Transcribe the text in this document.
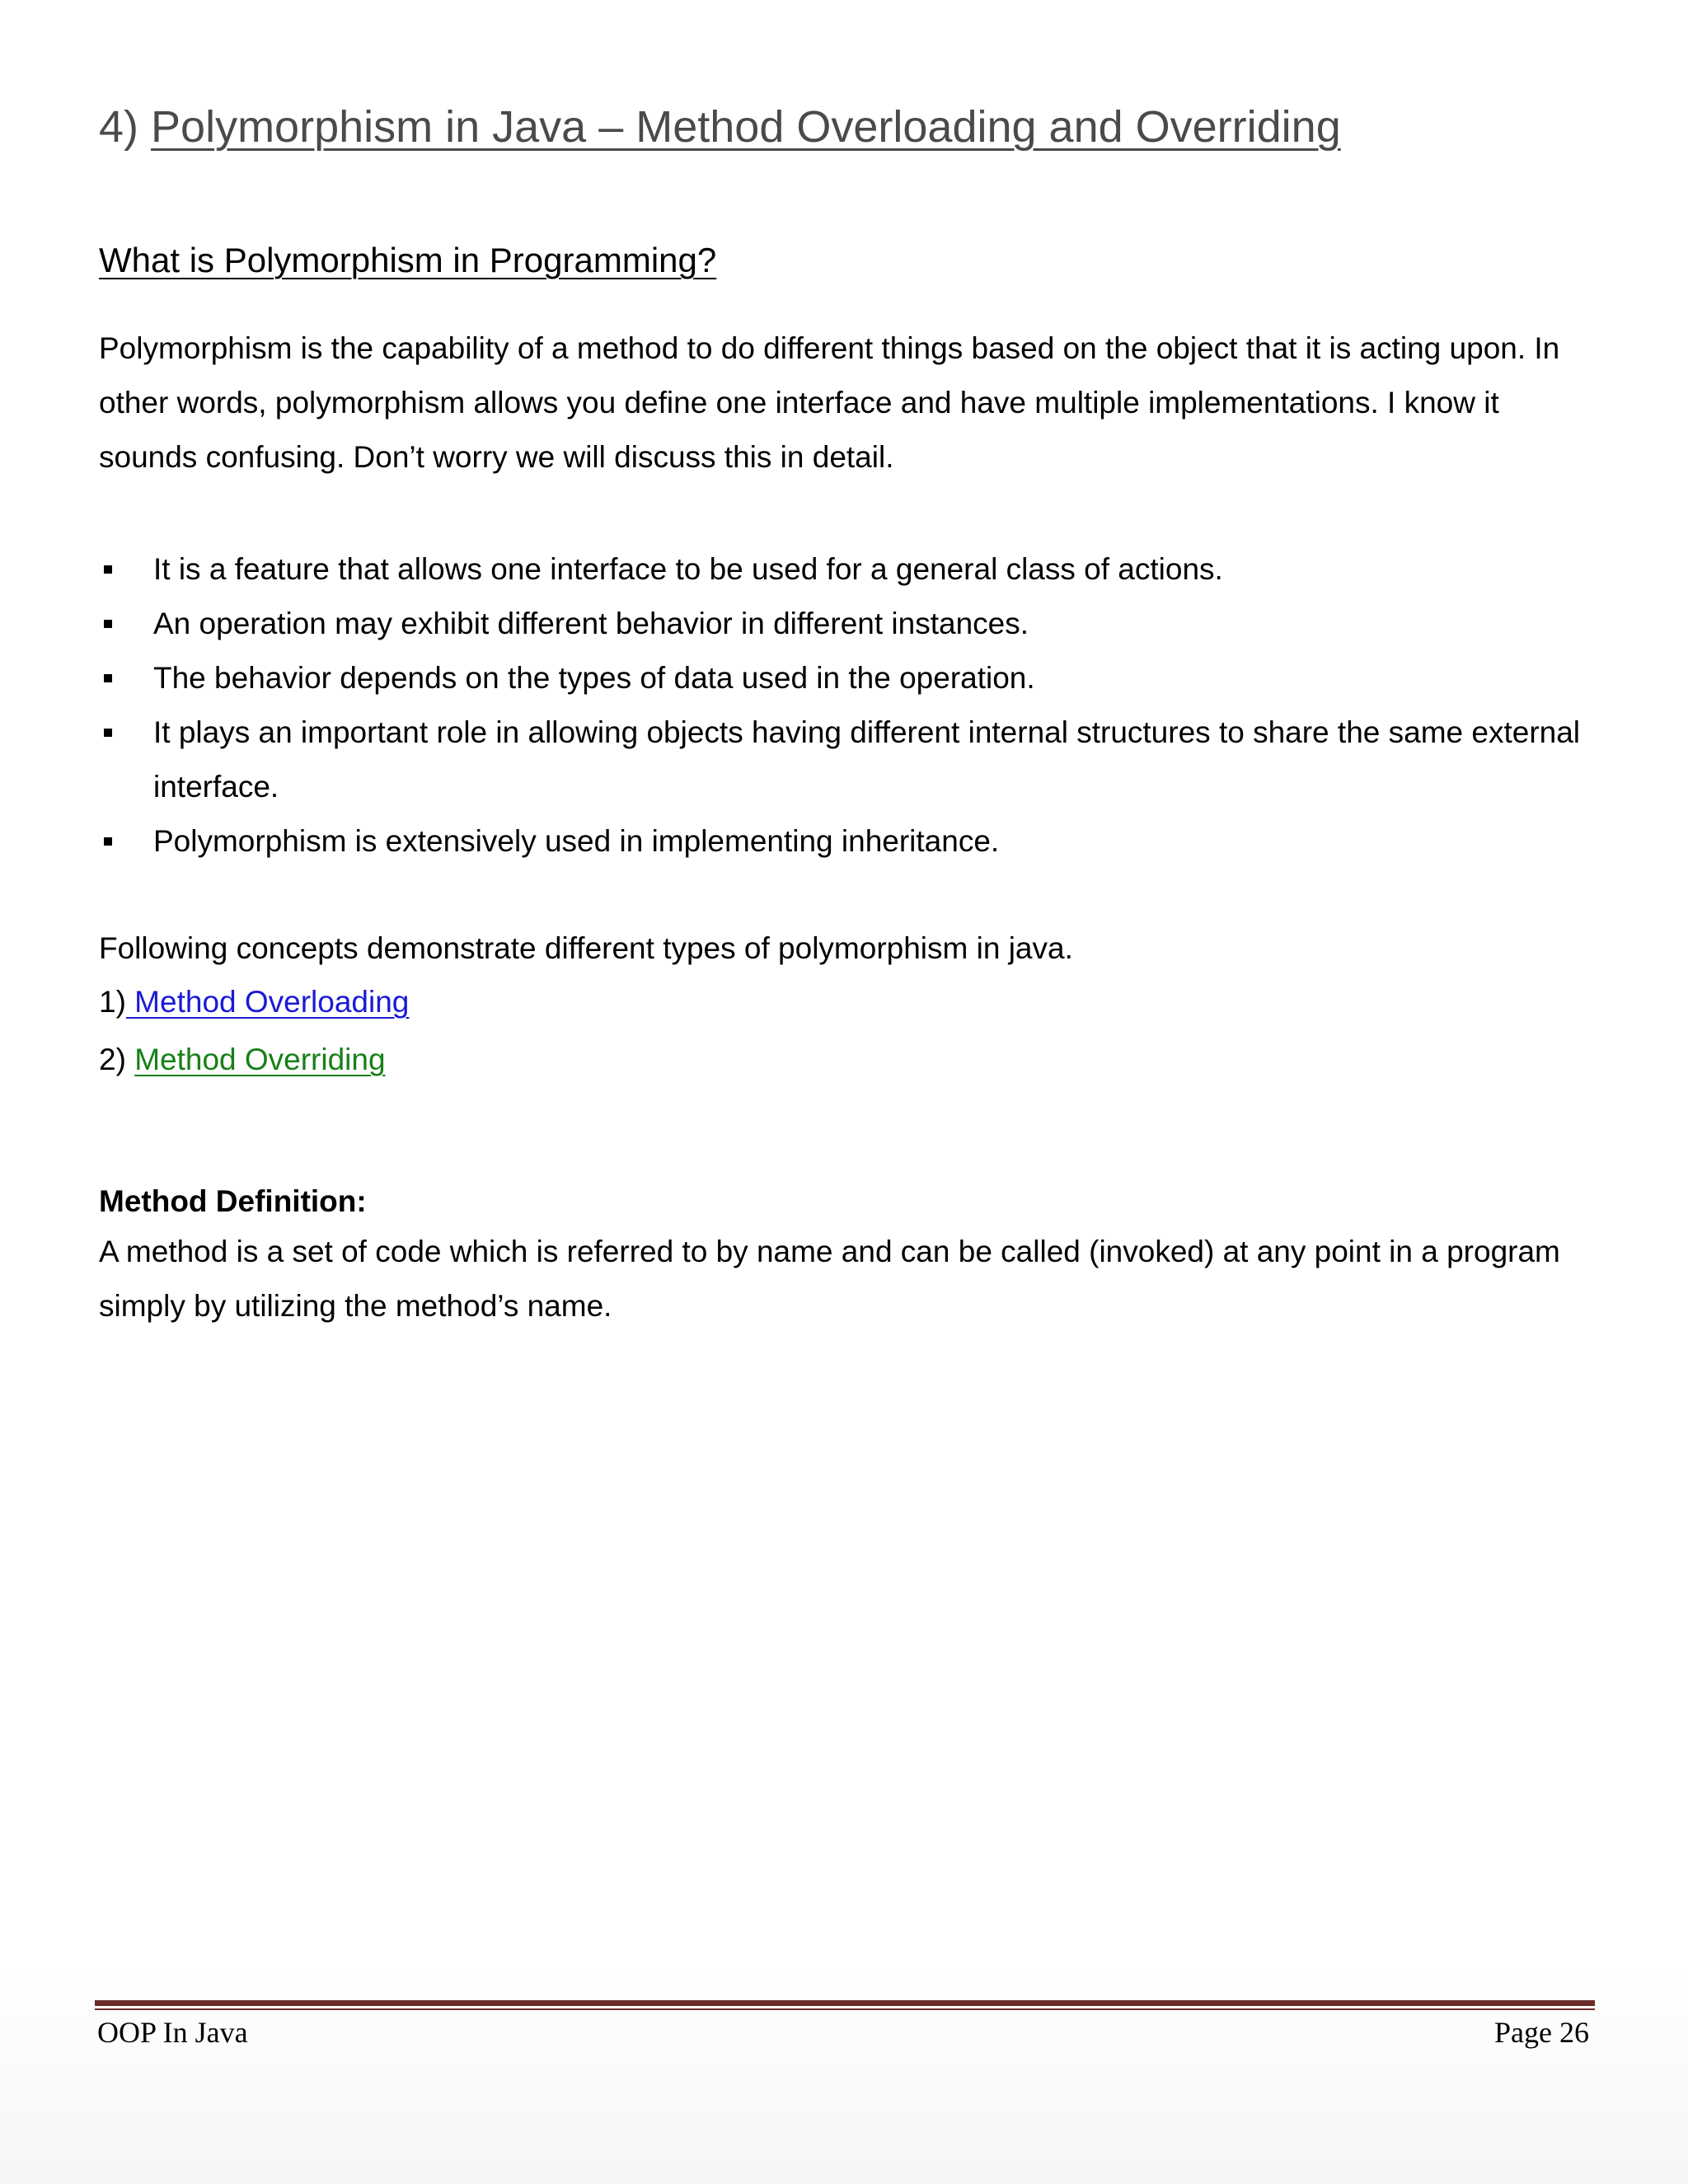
4) Polymorphism in Java – Method Overloading and Overriding
What is Polymorphism in Programming?

Polymorphism is the capability of a method to do different things based on the object that it is acting upon. In other words, polymorphism allows you define one interface and have multiple implementations. I know it sounds confusing. Don’t worry we will discuss this in detail.

It is a feature that allows one interface to be used for a general class of actions.
An operation may exhibit different behavior in different instances.
The behavior depends on the types of data used in the operation.
It plays an important role in allowing objects having different internal structures to share the same external interface.
Polymorphism is extensively used in implementing inheritance.

Following concepts demonstrate different types of polymorphism in java.

1) Method Overloading
2) Method Overriding
Method Definition:

A method is a set of code which is referred to by name and can be called (invoked) at any point in a program simply by utilizing the method’s name.

OOP In Java	Page 26
